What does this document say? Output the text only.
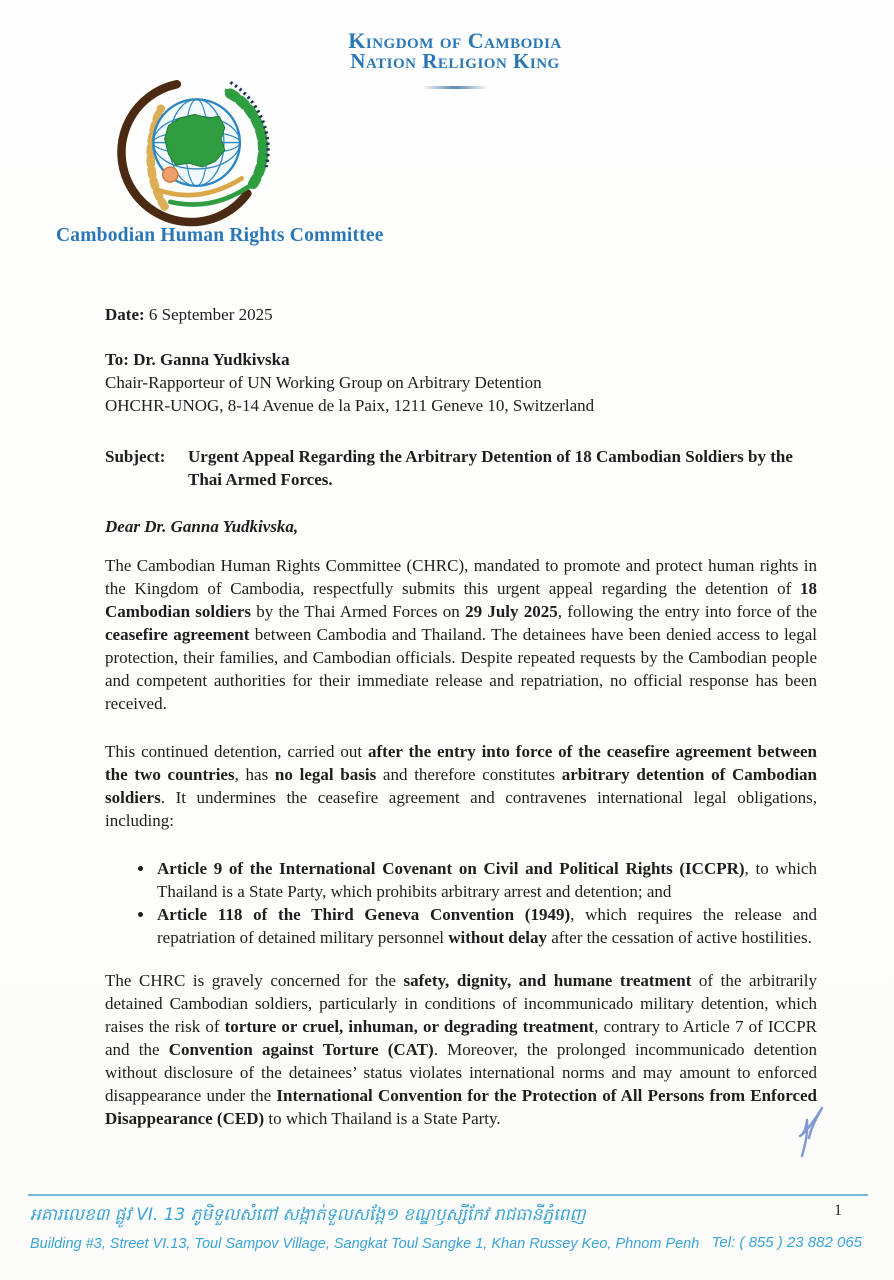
Kingdom of Cambodia
Nation Religion King
Cambodian Human Rights Committee
Date: 6 September 2025
To: Dr. Ganna Yudkivska
Chair-Rapporteur of UN Working Group on Arbitrary Detention
OHCHR-UNOG, 8-14 Avenue de la Paix, 1211 Geneve 10, Switzerland
Subject:	Urgent Appeal Regarding the Arbitrary Detention of 18 Cambodian Soldiers by the Thai Armed Forces.
Dear Dr. Ganna Yudkivska,

The Cambodian Human Rights Committee (CHRC), mandated to promote and protect human rights in the Kingdom of Cambodia, respectfully submits this urgent appeal regarding the detention of 18 Cambodian soldiers by the Thai Armed Forces on 29 July 2025, following the entry into force of the ceasefire agreement between Cambodia and Thailand. The detainees have been denied access to legal protection, their families, and Cambodian officials. Despite repeated requests by the Cambodian people and competent authorities for their immediate release and repatriation, no official response has been received.

This continued detention, carried out after the entry into force of the ceasefire agreement between the two countries, has no legal basis and therefore constitutes arbitrary detention of Cambodian soldiers. It undermines the ceasefire agreement and contravenes international legal obligations, including:

• Article 9 of the International Covenant on Civil and Political Rights (ICCPR), to which Thailand is a State Party, which prohibits arbitrary arrest and detention; and
• Article 118 of the Third Geneva Convention (1949), which requires the release and repatriation of detained military personnel without delay after the cessation of active hostilities.

The CHRC is gravely concerned for the safety, dignity, and humane treatment of the arbitrarily detained Cambodian soldiers, particularly in conditions of incommunicado military detention, which raises the risk of torture or cruel, inhuman, or degrading treatment, contrary to Article 7 of ICCPR and the Convention against Torture (CAT). Moreover, the prolonged incommunicado detention without disclosure of the detainees’ status violates international norms and may amount to enforced disappearance under the International Convention for the Protection of All Persons from Enforced Disappearance (CED) to which Thailand is a State Party.

អគារលេខ៣ ផ្លូវ VI. 13 ភូមិទួលសំពៅ សង្កាត់ទួលសង្កែ១ ខណ្ឌឫស្សីកែវ រាជធានីភ្នំពេញ
Building #3, Street VI.13, Toul Sampov Village, Sangkat Toul Sangke 1, Khan Russey Keo, Phnom Penh
1
Tel: ( 855 ) 23 882 065
